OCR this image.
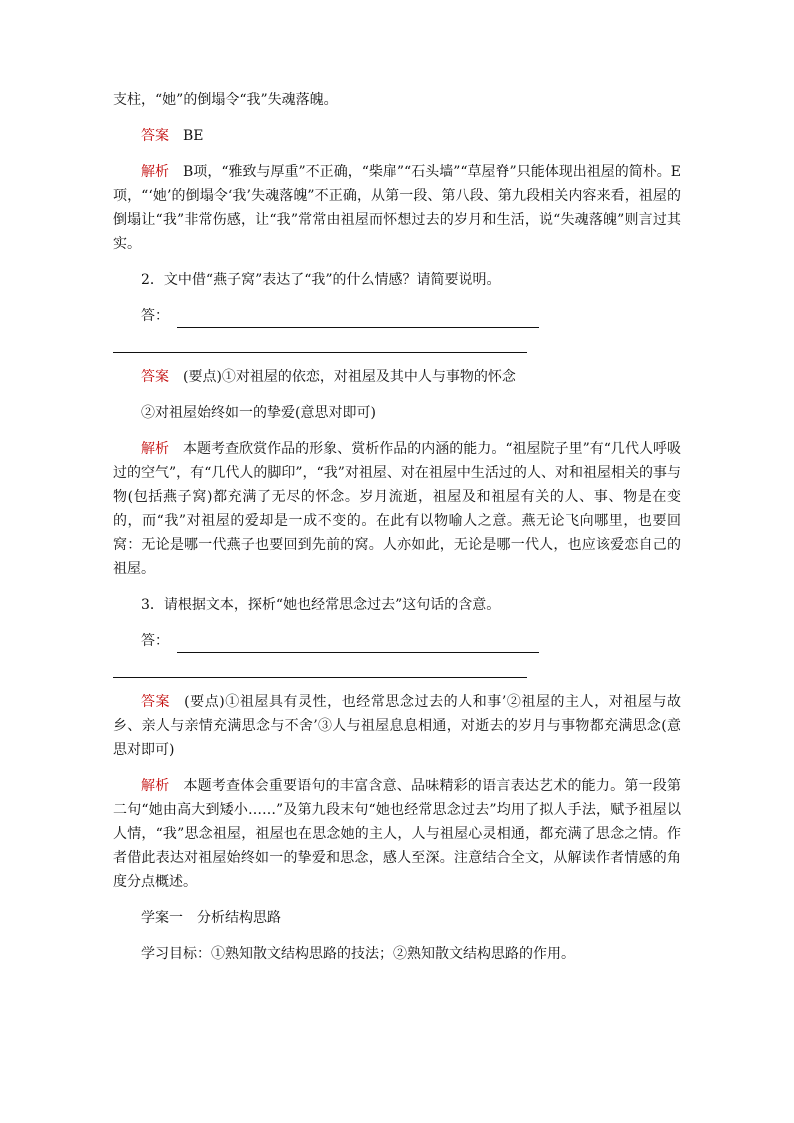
支柱，“她”的倒塌令“我”失魂落魄。

答案 BE

解析 B项，“雅致与厚重”不正确，“柴扉”“石头墙”“草屋脊”只能体现出祖屋的简朴。E项，“‘她’的倒塌令‘我’失魂落魄”不正确，从第一段、第八段、第九段相关内容来看，祖屋的倒塌让“我”非常伤感，让“我”常常由祖屋而怀想过去的岁月和生活，说“失魂落魄”则言过其实。

2．文中借“燕子窝”表达了“我”的什么情感？请简要说明。

答：

答案 (要点)①对祖屋的依恋，对祖屋及其中人与事物的怀念

②对祖屋始终如一的挚爱(意思对即可)

解析 本题考查欣赏作品的形象、赏析作品的内涵的能力。“祖屋院子里”有“几代人呼吸过的空气”，有“几代人的脚印”，“我”对祖屋、对在祖屋中生活过的人、对和祖屋相关的事与物(包括燕子窝)都充满了无尽的怀念。岁月流逝，祖屋及和祖屋有关的人、事、物是在变的，而“我”对祖屋的爱却是一成不变的。在此有以物喻人之意。燕无论飞向哪里，也要回窝：无论是哪一代燕子也要回到先前的窝。人亦如此，无论是哪一代人，也应该爱恋自己的祖屋。

3．请根据文本，探析“她也经常思念过去”这句话的含意。

答：

答案 (要点)①祖屋具有灵性，也经常思念过去的人和事’②祖屋的主人，对祖屋与故乡、亲人与亲情充满思念与不舍’③人与祖屋息息相通，对逝去的岁月与事物都充满思念(意思对即可)

解析 本题考查体会重要语句的丰富含意、品味精彩的语言表达艺术的能力。第一段第二句“她由高大到矮小……”及第九段末句“她也经常思念过去”均用了拟人手法，赋予祖屋以人情，“我”思念祖屋，祖屋也在思念她的主人，人与祖屋心灵相通，都充满了思念之情。作者借此表达对祖屋始终如一的挚爱和思念，感人至深。注意结合全文，从解读作者情感的角度分点概述。

学案一　分析结构思路

学习目标：①熟知散文结构思路的技法；②熟知散文结构思路的作用。
